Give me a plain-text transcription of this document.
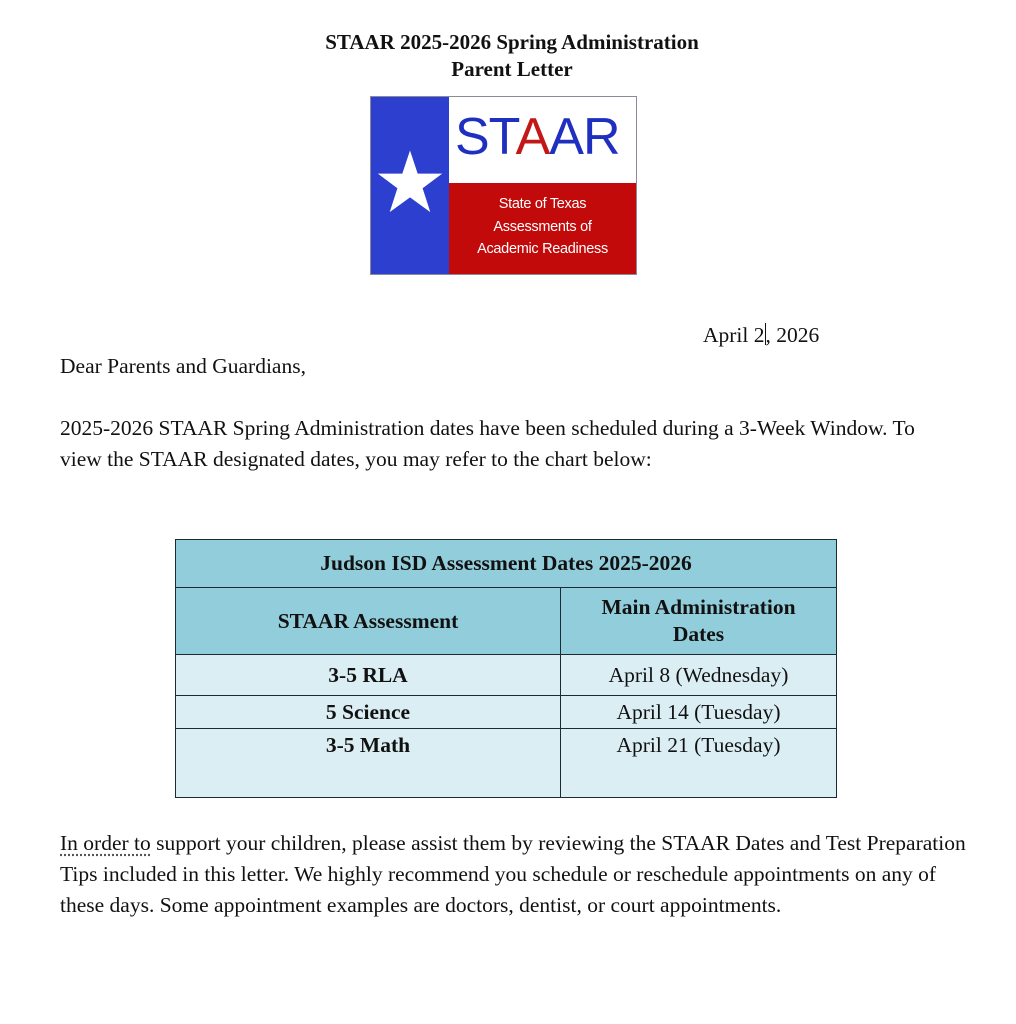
STAAR 2025-2026 Spring Administration
Parent Letter
STAAR
State of Texas
Assessments of
Academic Readiness
April 2, 2026
Dear Parents and Guardians,
2025-2026 STAAR Spring Administration dates have been scheduled during a 3-Week Window. To view the STAAR designated dates, you may refer to the chart below:
Judson ISD Assessment Dates 2025-2026	
STAAR Assessment	Main Administration Dates

3-5 RLA	April 8 (Wednesday)
5 Science	April 14 (Tuesday)
3-5 Math	April 21 (Tuesday)
In order to support your children, please assist them by reviewing the STAAR Dates and Test Preparation Tips included in this letter. We highly recommend you schedule or reschedule appointments on any of these days. Some appointment examples are doctors, dentist, or court appointments.
